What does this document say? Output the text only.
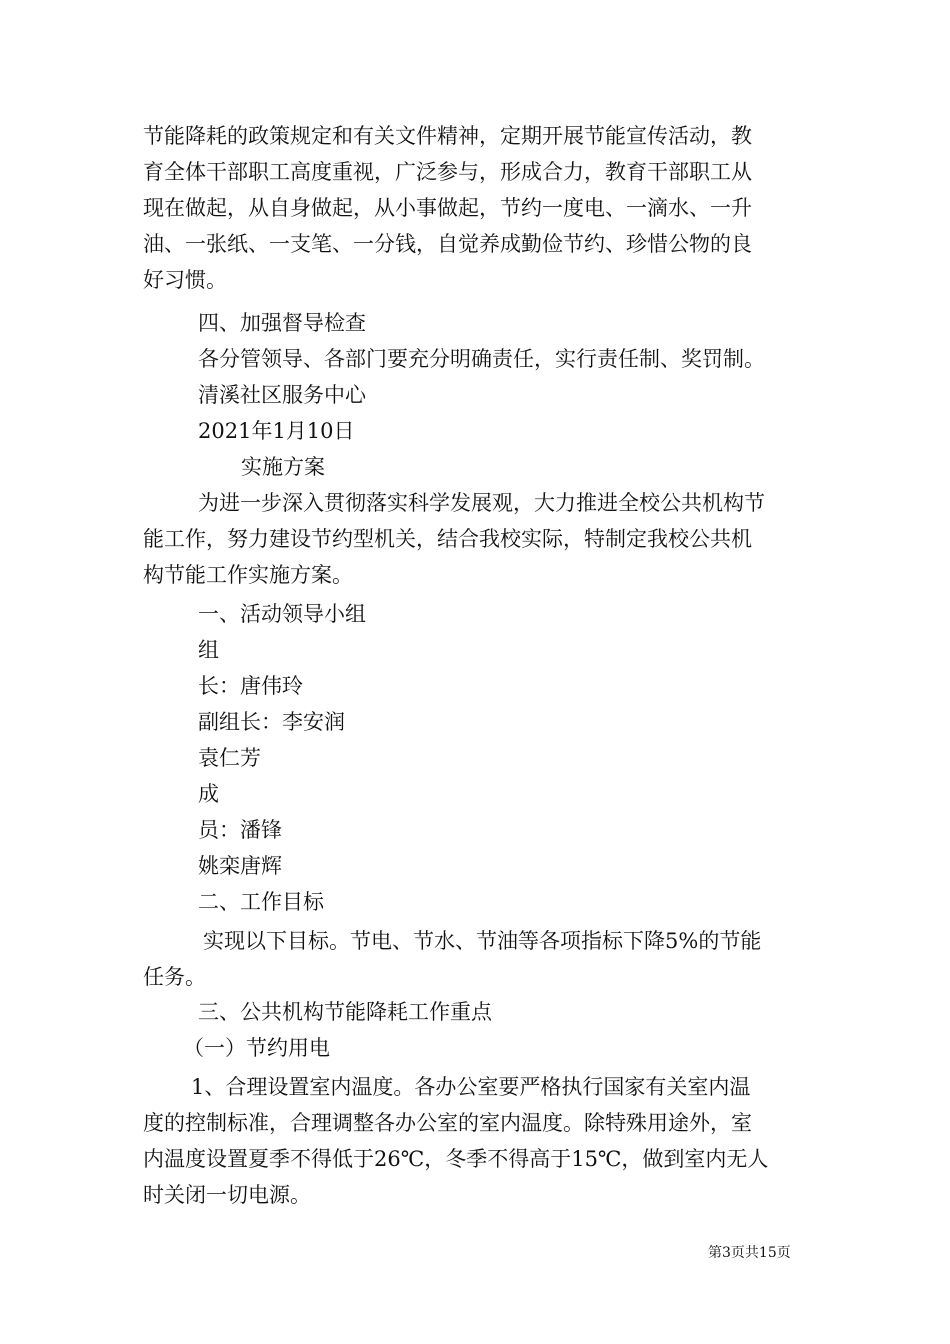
节能降耗的政策规定和有关文件精神，定期开展节能宣传活动，教

育全体干部职工高度重视，广泛参与，形成合力，教育干部职工从

现在做起，从自身做起，从小事做起，节约一度电、一滴水、一升

油、一张纸、一支笔、一分钱，自觉养成勤俭节约、珍惜公物的良

好习惯。

四、加强督导检查

各分管领导、各部门要充分明确责任，实行责任制、奖罚制。

清溪社区服务中心

2021年1月10日

实施方案

为进一步深入贯彻落实科学发展观，大力推进全校公共机构节

能工作，努力建设节约型机关，结合我校实际，特制定我校公共机

构节能工作实施方案。

一、活动领导小组

组

长：唐伟玲

副组长：李安润

袁仁芳

成

员：潘锋

姚栾唐辉

二、工作目标

实现以下目标。节电、节水、节油等各项指标下降5%的节能

任务。

三、公共机构节能降耗工作重点

（一）节约用电

1、合理设置室内温度。各办公室要严格执行国家有关室内温

度的控制标准，合理调整各办公室的室内温度。除特殊用途外，室

内温度设置夏季不得低于26℃，冬季不得高于15℃，做到室内无人

时关闭一切电源。

第3页共15页
